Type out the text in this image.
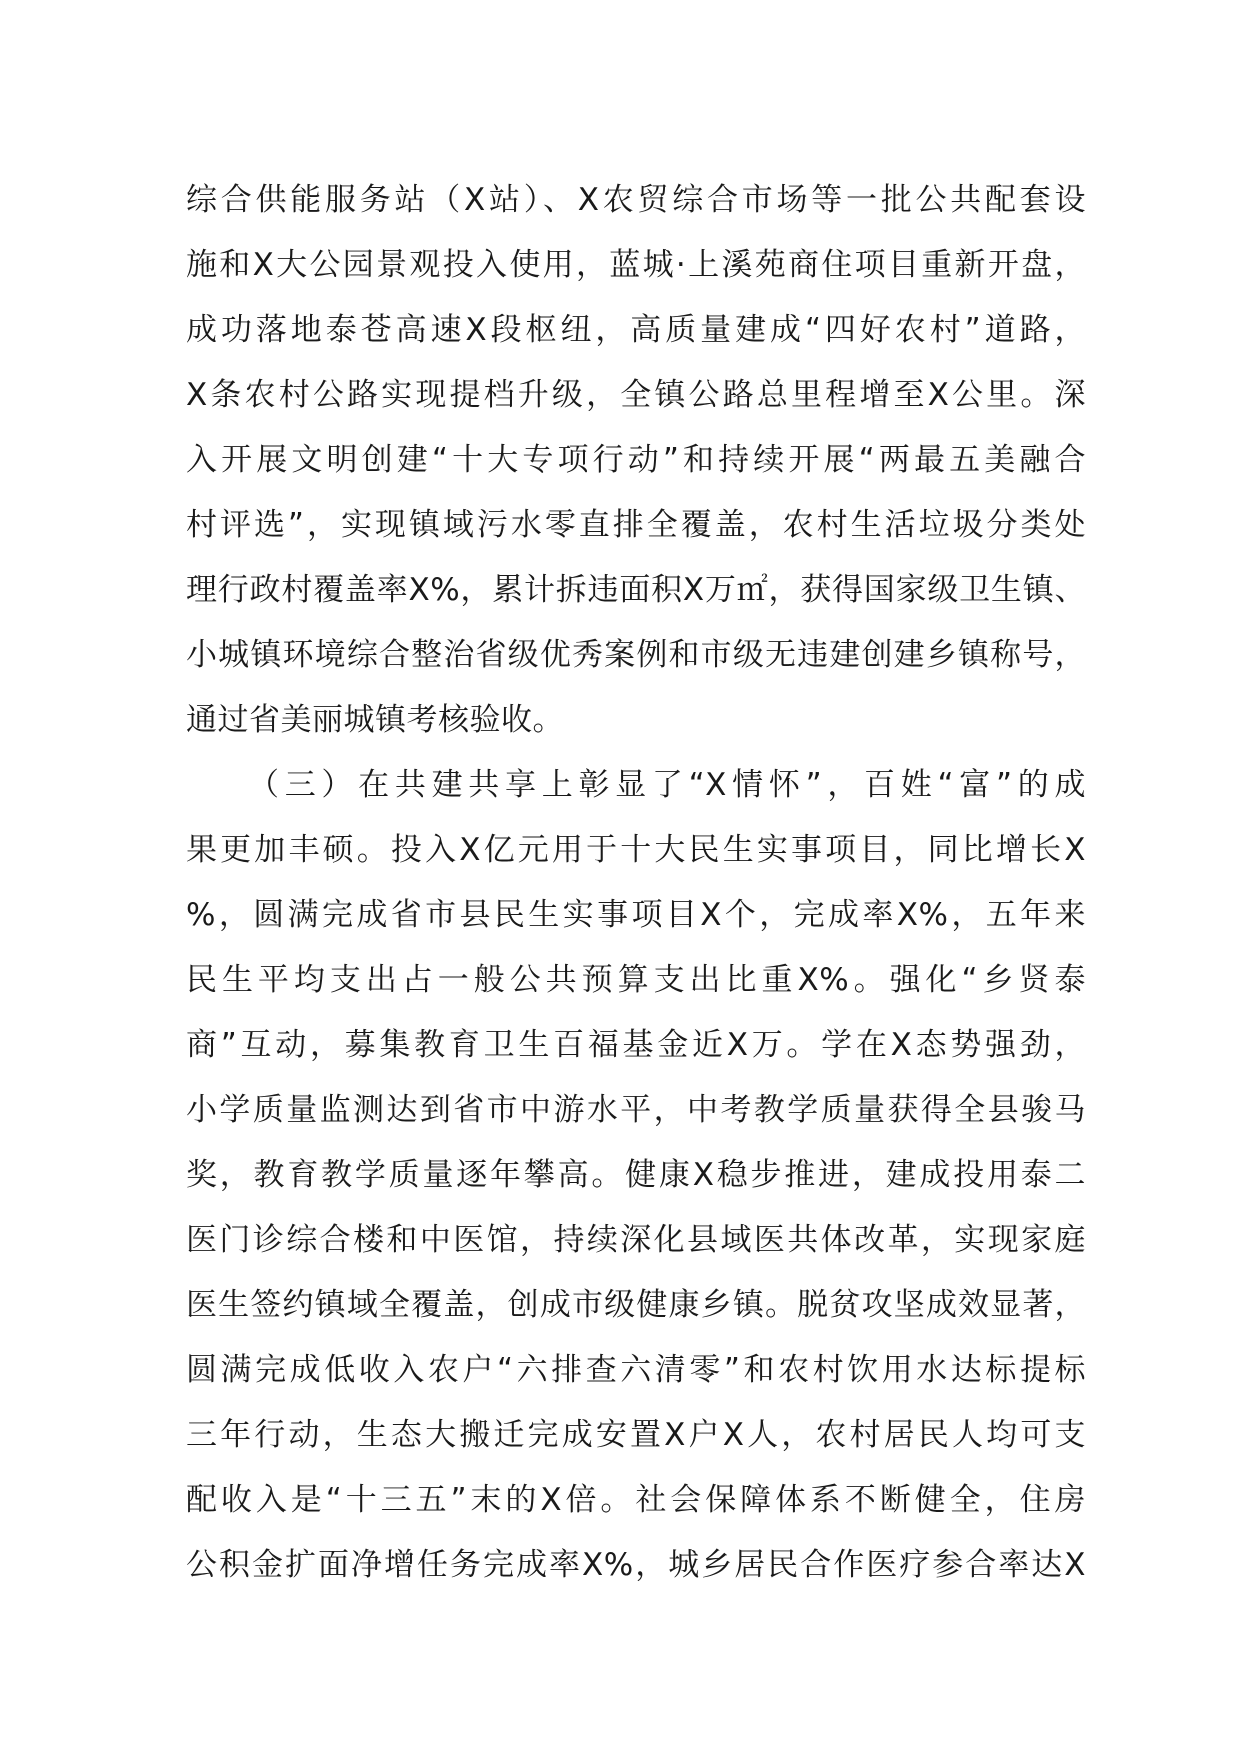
综合供能服务站（X站）、X农贸综合市场等一批公共配套设
施和X大公园景观投入使用，蓝城·上溪苑商住项目重新开盘，
成功落地泰苍高速X段枢纽，高质量建成“四好农村”道路，
X条农村公路实现提档升级，全镇公路总里程增至X公里。深
入开展文明创建“十大专项行动”和持续开展“两最五美融合
村评选”，实现镇域污水零直排全覆盖，农村生活垃圾分类处
理行政村覆盖率X%，累计拆违面积X万㎡，获得国家级卫生镇、
小城镇环境综合整治省级优秀案例和市级无违建创建乡镇称号，
通过省美丽城镇考核验收。
（三）在共建共享上彰显了“X情怀”，百姓“富”的成
果更加丰硕。投入X亿元用于十大民生实事项目，同比增长X
%，圆满完成省市县民生实事项目X个，完成率X%，五年来
民生平均支出占一般公共预算支出比重X%。强化“乡贤泰
商”互动，募集教育卫生百福基金近X万。学在X态势强劲，
小学质量监测达到省市中游水平，中考教学质量获得全县骏马
奖，教育教学质量逐年攀高。健康X稳步推进，建成投用泰二
医门诊综合楼和中医馆，持续深化县域医共体改革，实现家庭
医生签约镇域全覆盖，创成市级健康乡镇。脱贫攻坚成效显著，
圆满完成低收入农户“六排查六清零”和农村饮用水达标提标
三年行动，生态大搬迁完成安置X户X人，农村居民人均可支
配收入是“十三五”末的X倍。社会保障体系不断健全，住房
公积金扩面净增任务完成率X%，城乡居民合作医疗参合率达X
